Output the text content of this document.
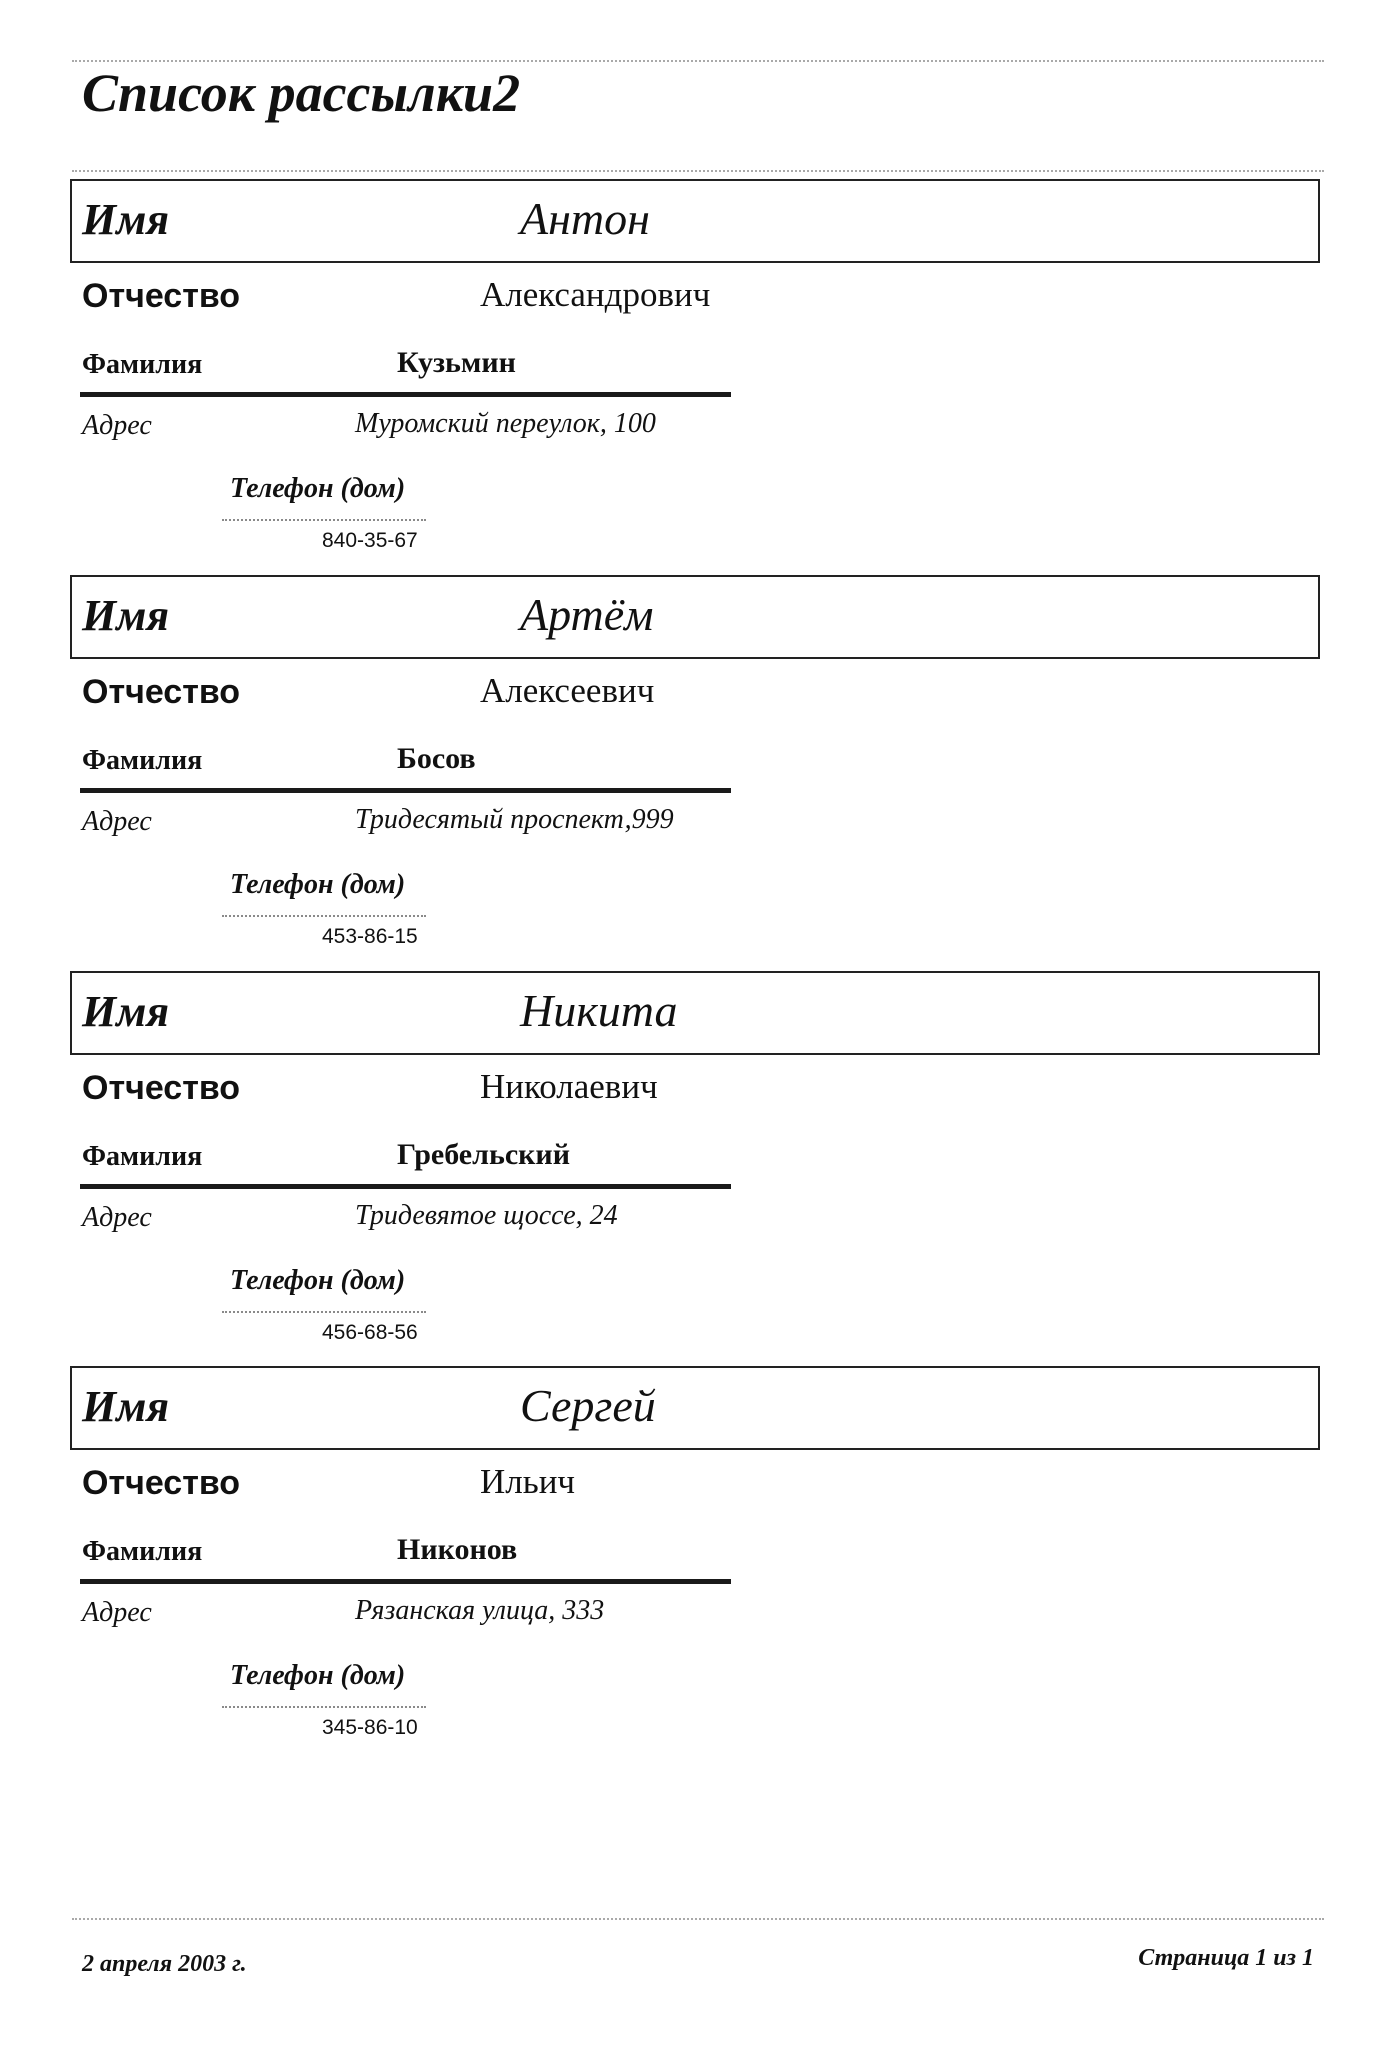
Список рассылки2
Имя	Антон
Отчество	Александрович
Фамилия	Кузьмин
Адрес	Муромский переулок, 100
Телефон (дом)
840-35-67
Имя	Артём
Отчество	Алексеевич
Фамилия	Босов
Адрес	Тридесятый проспект,999
Телефон (дом)
453-86-15
Имя	Никита
Отчество	Николаевич
Фамилия	Гребельский
Адрес	Тридевятое щоссе, 24
Телефон (дом)
456-68-56
Имя	Сергей
Отчество	Ильич
Фамилия	Никонов
Адрес	Рязанская улица, 333
Телефон (дом)
345-86-10
2 апреля 2003 г.	Страница 1 из 1
